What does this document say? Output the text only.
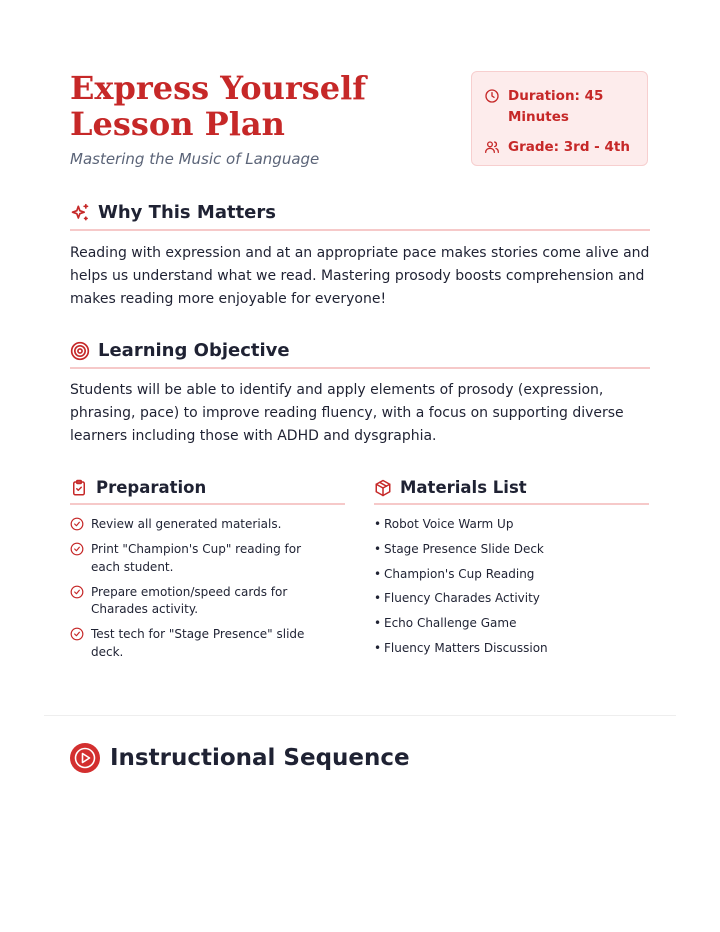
Express Yourself Lesson Plan
Mastering the Music of Language
Duration: 45 Minutes
Grade: 3rd - 4th
Why This Matters

Reading with expression and at an appropriate pace makes stories come alive and helps us understand what we read. Mastering prosody boosts comprehension and makes reading more enjoyable for everyone!

Learning Objective

Students will be able to identify and apply elements of prosody (expression, phrasing, pace) to improve reading fluency, with a focus on supporting diverse learners including those with ADHD and dysgraphia.

Preparation
Review all generated materials.
Print "Champion's Cup" reading for each student.
Prepare emotion/speed cards for Charades activity.
Test tech for "Stage Presence" slide deck.
Materials List
• Robot Voice Warm Up
• Stage Presence Slide Deck
• Champion's Cup Reading
• Fluency Charades Activity
• Echo Challenge Game
• Fluency Matters Discussion
Instructional Sequence
